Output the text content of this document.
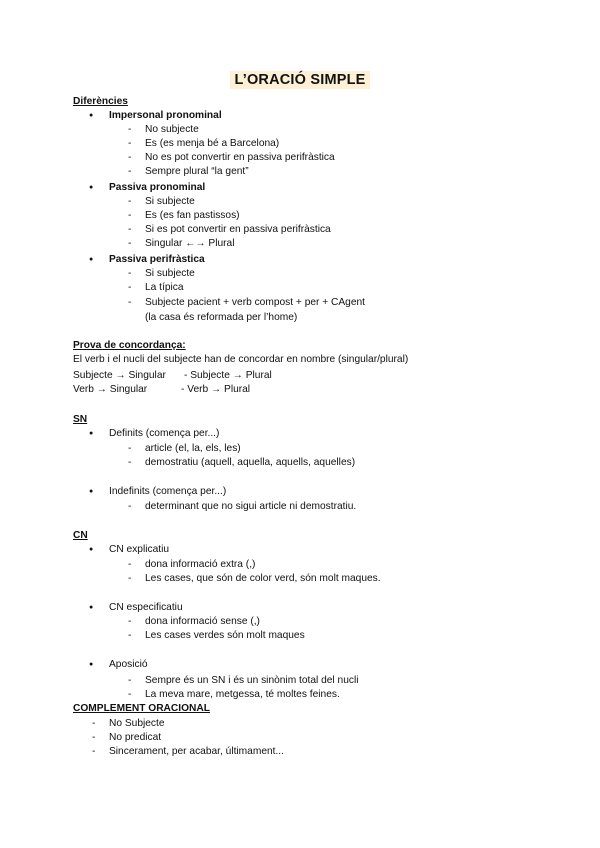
L’ORACIÓ SIMPLE
Diferències
● Impersonal pronominal
- No subjecte
- Es (es menja bé a Barcelona)
- No es pot convertir en passiva perifràstica
- Sempre plural “la gent”
● Passiva pronominal
- Si subjecte
- Es (es fan pastissos)
- Si es pot convertir en passiva perifràstica
- Singular ←→ Plural
● Passiva perifràstica
- Si subjecte
- La típica
- Subjecte pacient + verb compost + per + CAgent
(la casa és reformada per l’home)
Prova de concordança:
El verb i el nucli del subjecte han de concordar en nombre (singular/plural)
Subjecte → Singular - Subjecte → Plural
Verb → Singular	- Verb → Plural
SN
● Definits (comença per...)
- article (el, la, els, les)
- demostratiu (aquell, aquella, aquells, aquelles)
● Indefinits (comença per...)
- determinant que no sigui article ni demostratiu.
CN
● CN explicatiu
- dona informació extra (,)
- Les cases, que són de color verd, són molt maques.
● CN especificatiu
- dona informació sense (,)
- Les cases verdes són molt maques
● Aposició
- Sempre és un SN i és un sinònim total del nucli
- La meva mare, metgessa, té moltes feines.
COMPLEMENT ORACIONAL
- No Subjecte
- No predicat
- Sincerament, per acabar, últimament...
